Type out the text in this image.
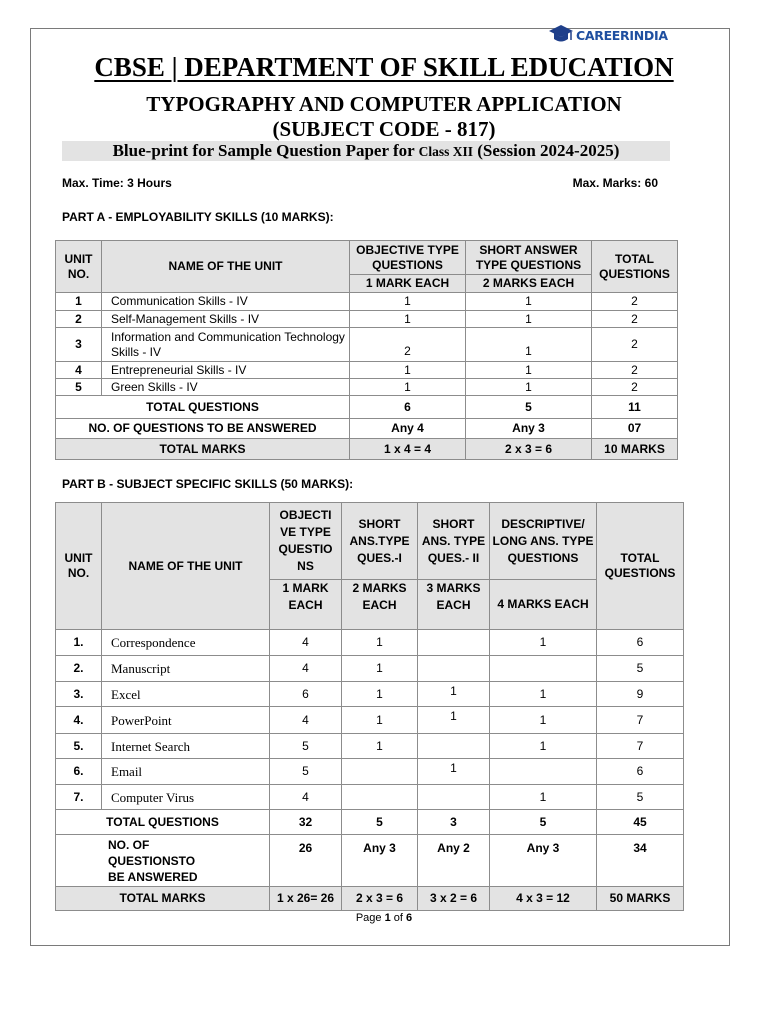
CAREERINDIA
CBSE | DEPARTMENT OF SKILL EDUCATION
TYPOGRAPHY AND COMPUTER APPLICATION
(SUBJECT CODE - 817)
Blue-print for Sample Question Paper for Class XII (Session 2024-2025)
Max. Time: 3 Hours	Max. Marks: 60
PART A - EMPLOYABILITY SKILLS (10 MARKS):
UNIT NO.	NAME OF THE UNIT	OBJECTIVE TYPE QUESTIONS	SHORT ANSWER TYPE QUESTIONS	TOTAL QUESTIONS
		1 MARK EACH	2 MARKS EACH	
1	Communication Skills - IV	1	1	2
2	Self-Management Skills - IV	1	1	2
3	Information and Communication Technology Skills - IV	2	1	2
4	Entrepreneurial Skills - IV	1	1	2
5	Green Skills - IV	1	1	2
TOTAL QUESTIONS		6	5	11
NO. OF QUESTIONS TO BE ANSWERED		Any 4	Any 3	07
TOTAL MARKS		1 x 4 = 4	2 x 3 = 6	10 MARKS
PART B - SUBJECT SPECIFIC SKILLS (50 MARKS):
UNIT NO.	NAME OF THE UNIT	OBJECTI VE TYPE QUESTIO NS	SHORT ANS.TYPE QUES.-I	SHORT ANS. TYPE QUES.- II	DESCRIPTIVE/ LONG ANS. TYPE QUESTIONS	TOTAL QUESTIONS
		1 MARK EACH	2 MARKS EACH	3 MARKS EACH	4 MARKS EACH	
1.	Correspondence	4	1		1	6
2.	Manuscript	4	1			5
3.	Excel	6	1	1	1	9
4.	PowerPoint	4	1	1	1	7
5.	Internet Search	5	1		1	7
6.	Email	5		1		6
7.	Computer Virus	4			1	5
TOTAL QUESTIONS		32	5	3	5	45
NO. OF
QUESTIONSTO
BE ANSWERED		26	Any 3	Any 2	Any 3	34
TOTAL MARKS		1 x 26= 26	2 x 3 = 6	3 x 2 = 6	4 x 3 = 12	50 MARKS
Page 1 of 6
